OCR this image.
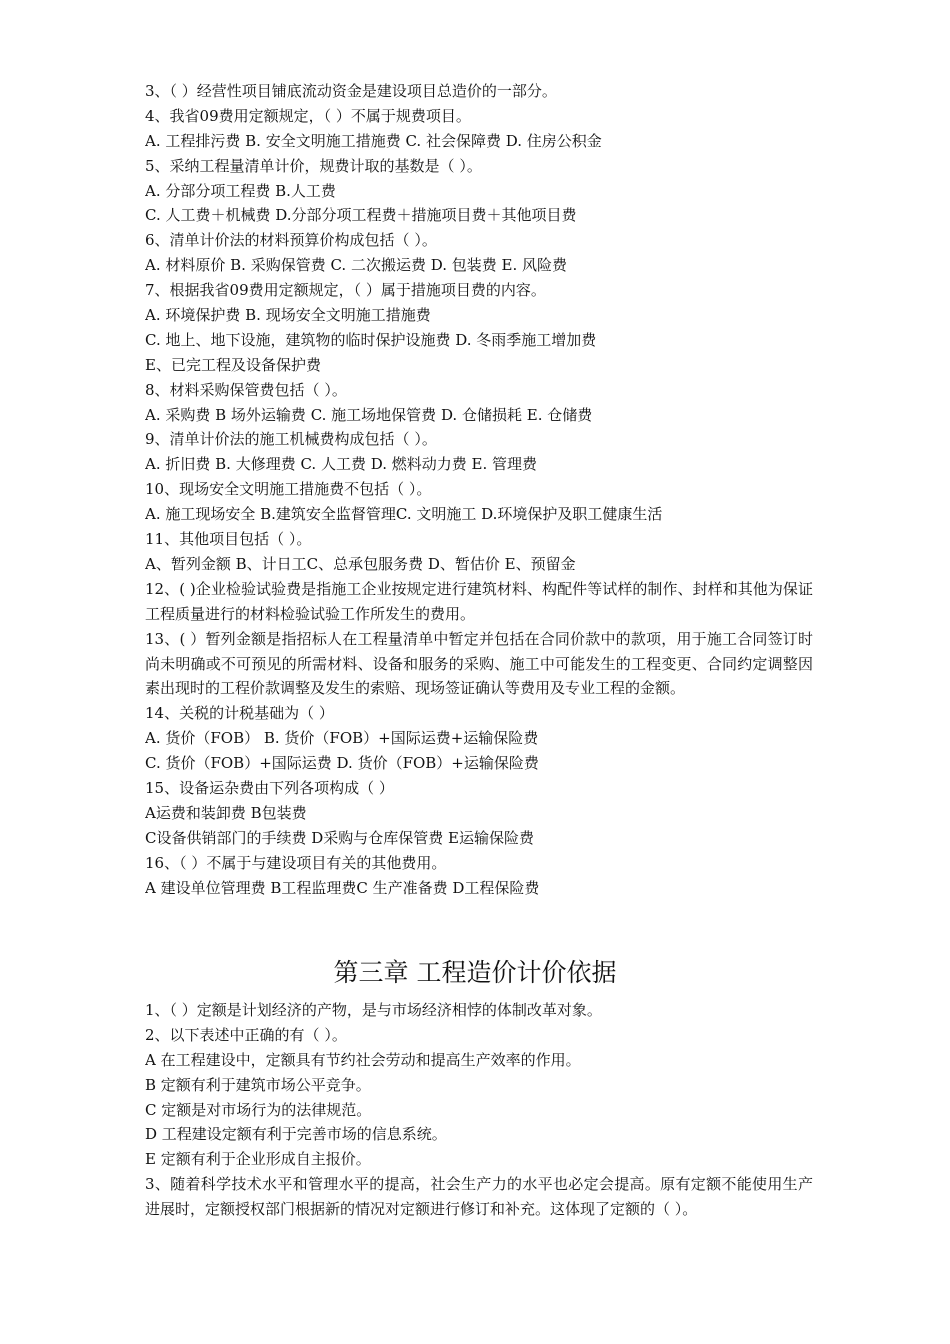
3、（ ）经营性项目铺底流动资金是建设项目总造价的一部分。
4、我省09费用定额规定，（ ）不属于规费项目。
A. 工程排污费 B. 安全文明施工措施费 C. 社会保障费 D. 住房公积金
5、采纳工程量清单计价，规费计取的基数是（ ）。
A. 分部分项工程费 B.人工费
C. 人工费＋机械费 D.分部分项工程费＋措施项目费＋其他项目费
6、清单计价法的材料预算价构成包括（ ）。
A. 材料原价 B. 采购保管费 C. 二次搬运费 D. 包装费 E. 风险费
7、根据我省09费用定额规定，（ ）属于措施项目费的内容。
A. 环境保护费 B. 现场安全文明施工措施费
C. 地上、地下设施，建筑物的临时保护设施费 D. 冬雨季施工增加费
E、已完工程及设备保护费
8、材料采购保管费包括（ ）。
A. 采购费 B 场外运输费 C. 施工场地保管费 D. 仓储损耗 E. 仓储费
9、清单计价法的施工机械费构成包括（ ）。
A. 折旧费 B. 大修理费 C. 人工费 D. 燃料动力费 E. 管理费
10、现场安全文明施工措施费不包括（ ）。
A. 施工现场安全 B.建筑安全监督管理C. 文明施工 D.环境保护及职工健康生活
11、其他项目包括（ ）。
A、暂列金额 B、计日工C、总承包服务费 D、暂估价 E、预留金
12、( )企业检验试验费是指施工企业按规定进行建筑材料、构配件等试样的制作、封样和其他为保证工程质量进行的材料检验试验工作所发生的费用。
13、( ）暂列金额是指招标人在工程量清单中暂定并包括在合同价款中的款项，用于施工合同签订时尚未明确或不可预见的所需材料、设备和服务的采购、施工中可能发生的工程变更、合同约定调整因素出现时的工程价款调整及发生的索赔、现场签证确认等费用及专业工程的金额。
14、关税的计税基础为（ ）
A. 货价（FOB） B. 货价（FOB）+国际运费+运输保险费
C. 货价（FOB）+国际运费 D. 货价（FOB）+运输保险费
15、设备运杂费由下列各项构成（ ）
A运费和装卸费 B包装费
C设备供销部门的手续费 D采购与仓库保管费 E运输保险费
16、（ ）不属于与建设项目有关的其他费用。
A 建设单位管理费 B工程监理费C 生产准备费 D工程保险费
第三章 工程造价计价依据
1、（ ）定额是计划经济的产物，是与市场经济相悖的体制改革对象。
2、以下表述中正确的有（ ）。
A 在工程建设中，定额具有节约社会劳动和提高生产效率的作用。
B 定额有利于建筑市场公平竞争。
C 定额是对市场行为的法律规范。
D 工程建设定额有利于完善市场的信息系统。
E 定额有利于企业形成自主报价。
3、随着科学技术水平和管理水平的提高，社会生产力的水平也必定会提高。原有定额不能使用生产进展时，定额授权部门根据新的情况对定额进行修订和补充。这体现了定额的（ ）。
